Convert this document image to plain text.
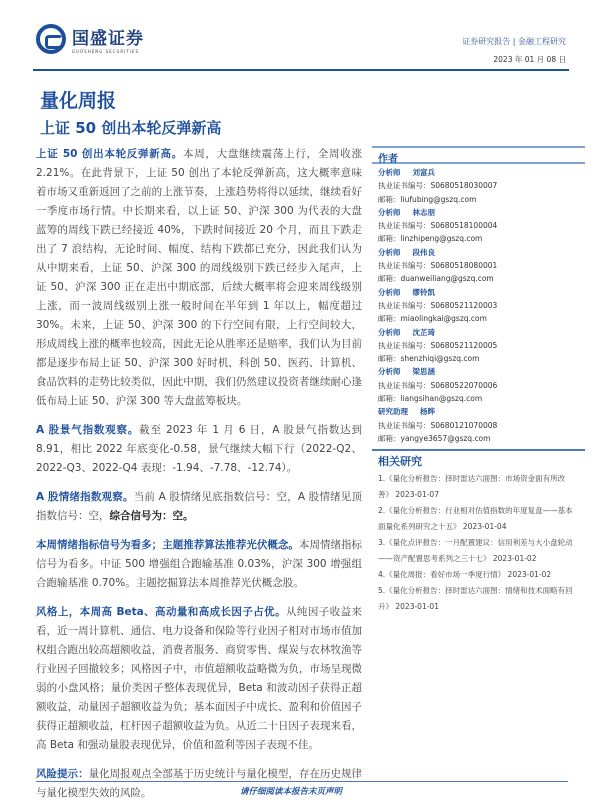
国盛证券
GUOSHENG SECURITIES
证券研究报告 | 金融工程研究
2023 年 01 月 08 日
量化周报
上证 50 创出本轮反弹新高

上证 50 创出本轮反弹新高。本周，大盘继续震荡上行，全周收涨 2.21%。在此背景下，上证 50 创出了本轮反弹新高，这大概率意味着市场又重新返回了之前的上涨节奏，上涨趋势将得以延续，继续看好一季度市场行情。中长期来看，以上证 50、沪深 300 为代表的大盘蓝筹的周线下跌已经接近 40%，下跌时间接近 20 个月，而且下跌走出了 7 浪结构，无论时间、幅度、结构下跌都已充分，因此我们认为从中期来看，上证 50、沪深 300 的周线级别下跌已经步入尾声，上证 50、沪深 300 正在走出中期底部，后续大概率将会迎来周线级别上涨，而一波周线级别上涨一般时间在半年到 1 年以上，幅度超过 30%。未来，上证 50、沪深 300 的下行空间有限，上行空间较大，形成周线上涨的概率也较高，因此无论从胜率还是赔率，我们认为目前都是逐步布局上证 50、沪深 300 好时机，科创 50、医药、计算机、食品饮料的走势比较类似，因此中期，我们仍然建议投资者继续耐心逢低布局上证 50、沪深 300 等大盘蓝筹板块。

A 股景气指数观察。截至 2023 年 1 月 6 日，A 股景气指数达到 8.91，相比 2022 年底变化-0.58，景气继续大幅下行（2022-Q2、2022-Q3、2022-Q4 表现：-1.94、-7.78、-12.74）。

A 股情绪指数观察。当前 A 股情绪见底指数信号：空，A 股情绪见顶指数信号：空，综合信号为：空。

本周情绪指标信号为看多；主题推荐算法推荐光伏概念。本周情绪指标信号为看多。中证 500 增强组合跑输基准 0.03%，沪深 300 增强组合跑输基准 0.70%。主题挖掘算法本周推荐光伏概念股。

风格上，本周高 Beta、高动量和高成长因子占优。从纯因子收益来看，近一周计算机、通信、电力设备和保险等行业因子相对市场市值加权组合跑出较高超额收益，消费者服务、商贸零售、煤炭与农林牧渔等行业因子回撤较多；风格因子中，市值超额收益略微为负，市场呈现微弱的小盘风格；量价类因子整体表现优异，Beta 和波动因子获得正超额收益，动量因子超额收益为负；基本面因子中成长、盈利和价值因子获得正超额收益，杠杆因子超额收益为负。从近二十日因子表现来看，高 Beta 和强动量股表现优异，价值和盈利等因子表现不佳。

风险提示：量化周报观点全部基于历史统计与量化模型，存在历史规律与量化模型失效的风险。

作者
分析师 刘富兵
执业证书编号：S0680518030007
邮箱：liufubing@gszq.com
分析师 林志朋
执业证书编号：S0680518100004
邮箱：linzhipeng@gszq.com
分析师 段伟良
执业证书编号：S0680518080001
邮箱：duanweiliang@gszq.com
分析师 缪铃凯
执业证书编号：S0680521120003
邮箱：miaolingkai@gszq.com
分析师 沈芷琦
执业证书编号：S0680521120005
邮箱：shenzhiqi@gszq.com
分析师 梁思涵
执业证书编号：S0680522070006
邮箱：liangsihan@gszq.com
研究助理 杨晔
执业证书编号：S0680121070008
邮箱：yangye3657@gszq.com
相关研究
1.《量化分析报告：择时雷达六面图：市场资金面有所改善》 2023-01-07
2.《量化分析报告：行业相对估值指数的年度复盘——基本面量化系列研究之十五》 2023-01-04
3.《量化点评报告：一月配置建议：信用利差与大小盘轮动——资产配置思考系列之三十七》 2023-01-02
4.《量化周报：看好市场一季度行情》 2023-01-02
5.《量化分析报告：择时雷达六面图：情绪和技术面略有回升》 2023-01-01
请仔细阅读本报告末页声明
